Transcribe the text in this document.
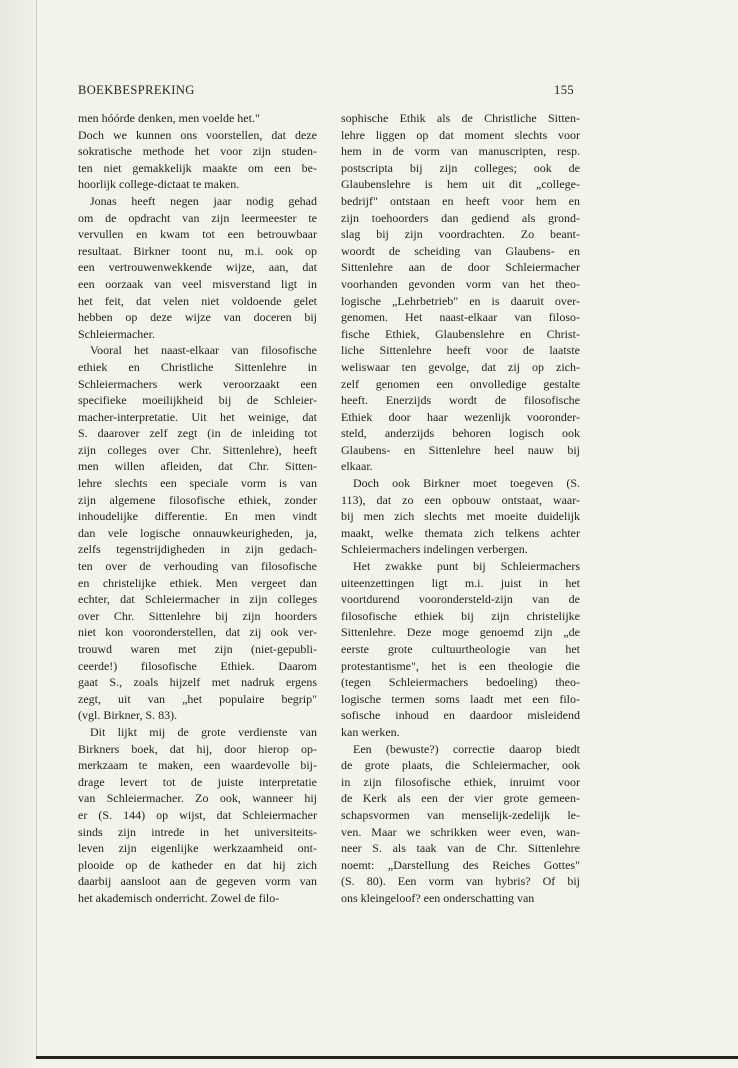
BOEKBESPREKING	155
men hóórde denken, men voelde het."
Doch we kunnen ons voorstellen, dat deze
sokratische methode het voor zijn studen-
ten niet gemakkelijk maakte om een be-
hoorlijk college-dictaat te maken.
Jonas heeft negen jaar nodig gehad
om de opdracht van zijn leermeester te
vervullen en kwam tot een betrouwbaar
resultaat. Birkner toont nu, m.i. ook op
een vertrouwenwekkende wijze, aan, dat
een oorzaak van veel misverstand ligt in
het feit, dat velen niet voldoende gelet
hebben op deze wijze van doceren bij
Schleiermacher.
Vooral het naast-elkaar van filosofische
ethiek en Christliche Sittenlehre in
Schleiermachers werk veroorzaakt een
specifieke moeilijkheid bij de Schleier-
macher-interpretatie. Uit het weinige, dat
S. daarover zelf zegt (in de inleiding tot
zijn colleges over Chr. Sittenlehre), heeft
men willen afleiden, dat Chr. Sitten-
lehre slechts een speciale vorm is van
zijn algemene filosofische ethiek, zonder
inhoudelijke differentie. En men vindt
dan vele logische onnauwkeurigheden, ja,
zelfs tegenstrijdigheden in zijn gedach-
ten over de verhouding van filosofische
en christelijke ethiek. Men vergeet dan
echter, dat Schleiermacher in zijn colleges
over Chr. Sittenlehre bij zijn hoorders
niet kon vooronderstellen, dat zij ook ver-
trouwd waren met zijn (niet-gepubli-
ceerde!) filosofische Ethiek. Daarom
gaat S., zoals hijzelf met nadruk ergens
zegt, uit van „het populaire begrip"
(vgl. Birkner, S. 83).
Dit lijkt mij de grote verdienste van
Birkners boek, dat hij, door hierop op-
merkzaam te maken, een waardevolle bij-
drage levert tot de juiste interpretatie
van Schleiermacher. Zo ook, wanneer hij
er (S. 144) op wijst, dat Schleiermacher
sinds zijn intrede in het universiteits-
leven zijn eigenlijke werkzaamheid ont-
plooide op de katheder en dat hij zich
daarbij aansloot aan de gegeven vorm van
het akademisch onderricht. Zowel de filo-
sophische Ethik als de Christliche Sitten-
lehre liggen op dat moment slechts voor
hem in de vorm van manuscripten, resp.
postscripta bij zijn colleges; ook de
Glaubenslehre is hem uit dit „college-
bedrijf" ontstaan en heeft voor hem en
zijn toehoorders dan gediend als grond-
slag bij zijn voordrachten. Zo beant-
woordt de scheiding van Glaubens- en
Sittenlehre aan de door Schleiermacher
voorhanden gevonden vorm van het theo-
logische „Lehrbetrieb" en is daaruit over-
genomen. Het naast-elkaar van filoso-
fische Ethiek, Glaubenslehre en Christ-
liche Sittenlehre heeft voor de laatste
weliswaar ten gevolge, dat zij op zich-
zelf genomen een onvolledige gestalte
heeft. Enerzijds wordt de filosofische
Ethiek door haar wezenlijk vooronder-
steld, anderzijds behoren logisch ook
Glaubens- en Sittenlehre heel nauw bij
elkaar.
Doch ook Birkner moet toegeven (S.
113), dat zo een opbouw ontstaat, waar-
bij men zich slechts met moeite duidelijk
maakt, welke themata zich telkens achter
Schleiermachers indelingen verbergen.
Het zwakke punt bij Schleiermachers
uiteenzettingen ligt m.i. juist in het
voortdurend voorondersteld-zijn van de
filosofische ethiek bij zijn christelijke
Sittenlehre. Deze moge genoemd zijn „de
eerste grote cultuurtheologie van het
protestantisme", het is een theologie die
(tegen Schleiermachers bedoeling) theo-
logische termen soms laadt met een filo-
sofische inhoud en daardoor misleidend
kan werken.
Een (bewuste?) correctie daarop biedt
de grote plaats, die Schleiermacher, ook
in zijn filosofische ethiek, inruimt voor
de Kerk als een der vier grote gemeen-
schapsvormen van menselijk-zedelijk le-
ven. Maar we schrikken weer even, wan-
neer S. als taak van de Chr. Sittenlehre
noemt: „Darstellung des Reiches Gottes"
(S. 80). Een vorm van hybris? Of bij
ons kleingeloof? een onderschatting van
